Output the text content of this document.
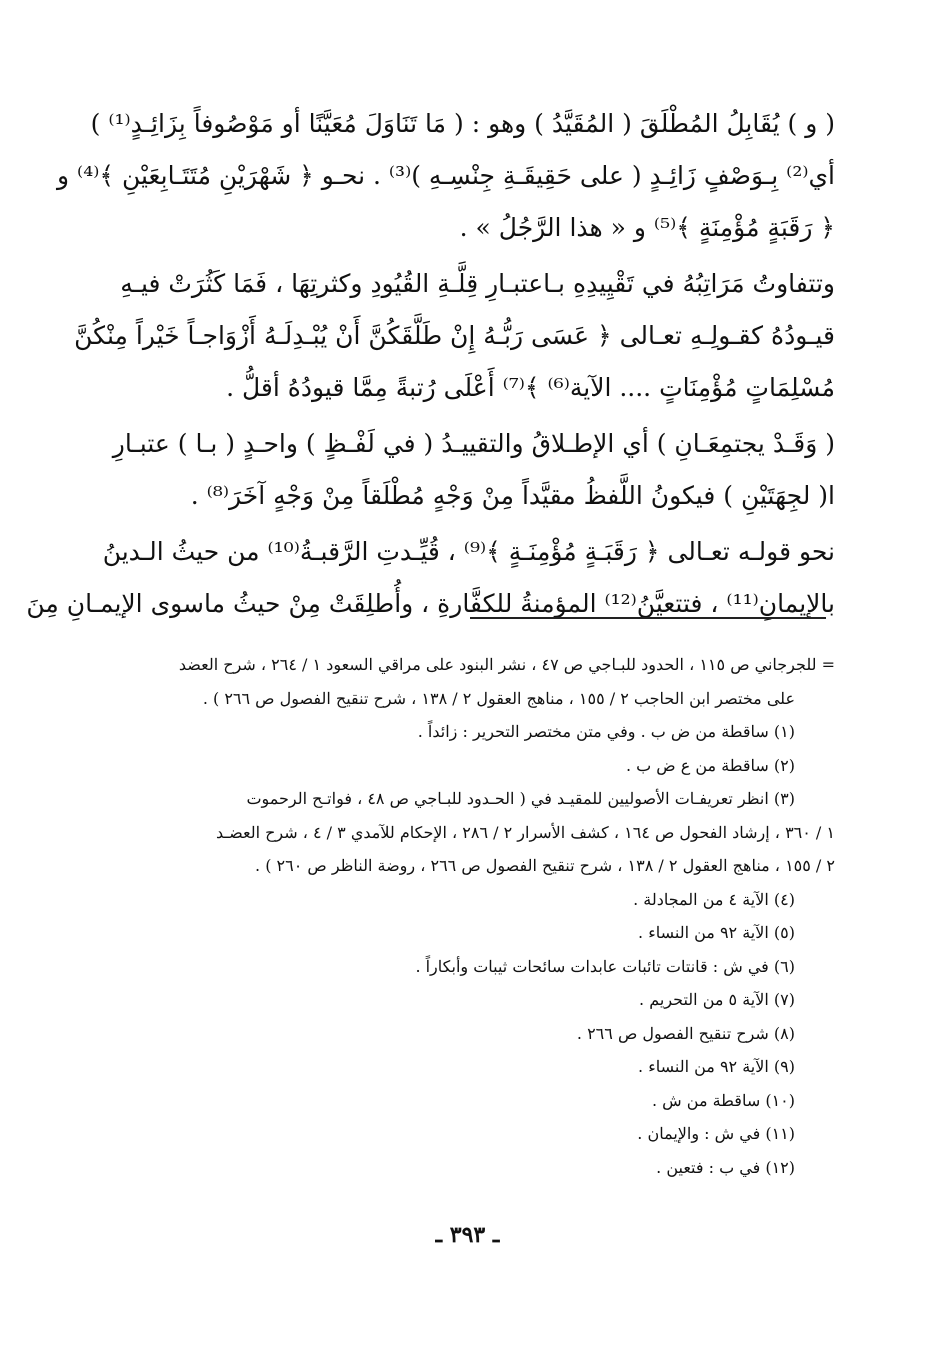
( و ) يُقَابِلُ المُطْلَقَ ( المُقَيَّدُ ) وهو : ( مَا تَنَاوَلَ مُعَيَّنًا أو مَوْصُوفاً بِزَائِـدٍ⁽¹⁾ )
أي⁽²⁾ بِـوَصْفٍ زَائِـدٍ ( على حَقِيقَـةِ جِنْسِـهِ )⁽³⁾ . نحـو ﴿ شَهْرَيْنِ مُتَتَـابِعَيْنِ ﴾⁽⁴⁾ و
﴿ رَقَبَةٍ مُؤْمِنَةٍ ﴾⁽⁵⁾ و « هذا الرَّجُلُ » .

وتتفاوتُ مَرَاتِبُهُ في تَقْيِيدِهِ بـاعتبـارِ قِلَّـةِ القُيُودِ وكثرتِهَا ، فَمَا كَثُرَتْ فيـهِ
قيـودُهُ كقـولِـهِ تعـالى ﴿ عَسَى رَبُّـهُ إِنْ طَلَّقَكُنَّ أَنْ يُبْـدِلَـهُ أَزْوَاجـاً خَيْراً مِنْكُنَّ
مُسْلِمَاتٍ مُؤْمِنَاتٍ .... الآية⁽⁶⁾ ﴾⁽⁷⁾ أَعْلَى رُتبةً مِمَّا قيودُهُ أقلُّ .

( وَقَـدْ يجتمِعَـانِ ) أي الإطـلاقُ والتقييـدُ ( في لَفْـظٍ ) واحـدٍ ( بـا ) عتبـارِ
ا( لجِهَتَيْنِ ) فيكونُ اللَّفظُ مقيَّداً مِنْ وَجْهٍ مُطْلَقاً مِنْ وَجْهٍ آخَرَ⁽⁸⁾ .

نحو قولـه تعـالى ﴿ رَقَبَـةٍ مُؤْمِنَـةٍ ﴾⁽⁹⁾ ، قُيِّـدتِ الرَّقبـةُ⁽¹⁰⁾ من حيثُ الـدينُ
بالإيمانِ⁽¹¹⁾ ، فتتعيَّنُ⁽¹²⁾ المؤمنةُ للكفَّارةِ ، وأُطلِقَتْ مِنْ حيثُ ماسوى الإيمـانِ مِنَ

= للجرجاني ص ١١٥ ، الحدود للبـاجي ص ٤٧ ، نشر البنود على مراقي السعود ١ / ٢٦٤ ، شرح العضد
على مختصر ابن الحاجب ٢ / ١٥٥ ، مناهج العقول ٢ / ١٣٨ ، شرح تنقيح الفصول ص ٢٦٦ ) .
(١) ساقطة من ض ب . وفي متن مختصر التحرير : زائداً .
(٢) ساقطة من ع ض ب .
(٣) انظر تعريفـات الأصوليين للمقيـد في ( الحـدود للبـاجي ص ٤٨ ، فواتـح الرحموت
١ / ٣٦٠ ، إرشاد الفحول ص ١٦٤ ، كشف الأسرار ٢ / ٢٨٦ ، الإحكام للآمدي ٣ / ٤ ، شرح العضـد
٢ / ١٥٥ ، مناهج العقول ٢ / ١٣٨ ، شرح تنقيح الفصول ص ٢٦٦ ، روضة الناظر ص ٢٦٠ ) .
(٤) الآية ٤ من المجادلة .
(٥) الآية ٩٢ من النساء .
(٦) في ش : قانتات تائبات عابدات سائحات ثيبات وأبكاراً .
(٧) الآية ٥ من التحريم .
(٨) شرح تنقيح الفصول ص ٢٦٦ .
(٩) الآية ٩٢ من النساء .
(١٠) ساقطة من ش .
(١١) في ش : والإيمان .
(١٢) في ب : فتعين .
ـ ٣٩٣ ـ
